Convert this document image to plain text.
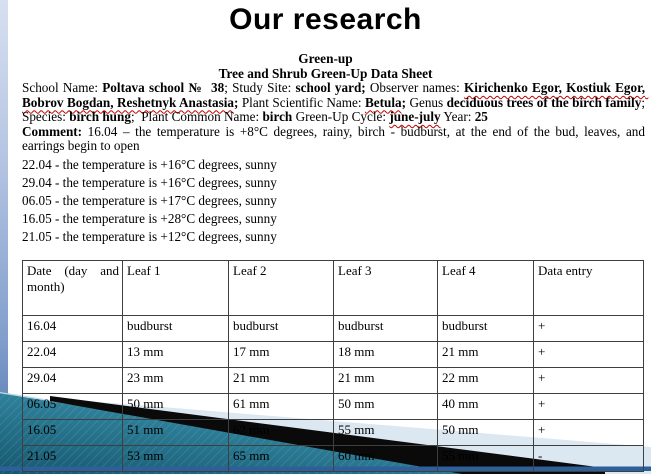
Our research
Green-up
Tree and Shrub Green-Up Data Sheet

School Name: Poltava school №  38; Study Site: school yard; Observer names: Kirichenko Egor, Kostiuk Egor, Bobrov Bogdan, Reshetnyk Anastasia; Plant Scientific Name: Betula; Genus deciduous trees of the birch family; Species: birch hung;  Plant Common Name: birch Green-Up Cycle: june-july Year: 25

Comment: 16.04 – the temperature is +8°C degrees, rainy, birch - budburst, at the end of the bud, leaves, and earrings begin to open

22.04 - the temperature is +16°C degrees, sunny
29.04 - the temperature is +16°C degrees, sunny
06.05 - the temperature is +17°C degrees, sunny
16.05 - the temperature is +28°C degrees, sunny
21.05 - the temperature is +12°C degrees, sunny
Date (day and month)	Leaf 1	Leaf 2	Leaf 3	Leaf 4	Data entry
16.04	budburst	budburst	budburst	budburst	+
22.04	13 mm	17 mm	18 mm	21 mm	+
29.04	23 mm	21 mm	21 mm	22 mm	+
06.05	50 mm	61 mm	50 mm	40 mm	+
16.05	51 mm	62 mm	55 mm	50 mm	+
21.05	53 mm	65 mm	60 mm	55 mm	-
